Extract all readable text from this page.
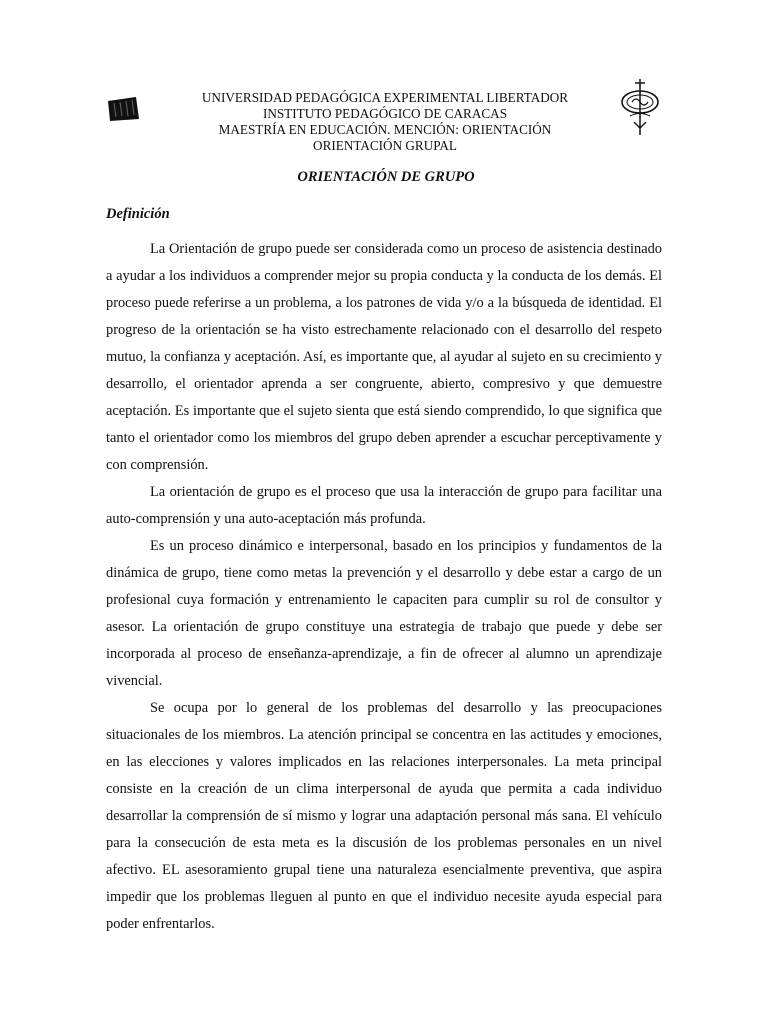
UNIVERSIDAD PEDAGÓGICA EXPERIMENTAL LIBERTADOR
INSTITUTO PEDAGÓGICO DE CARACAS
MAESTRÍA EN EDUCACIÓN. MENCIÓN: ORIENTACIÓN
ORIENTACIÓN GRUPAL
ORIENTACIÓN DE GRUPO
Definición

La Orientación de grupo puede ser considerada como un proceso de asistencia destinado a ayudar a los individuos a comprender mejor su propia conducta y la conducta de los demás. El proceso puede referirse a un problema, a los patrones de vida y/o a la búsqueda de identidad. El progreso de la orientación se ha visto estrechamente relacionado con el desarrollo del respeto mutuo, la confianza y aceptación. Así, es importante que, al ayudar al sujeto en su crecimiento y desarrollo, el orientador aprenda a ser congruente, abierto, compresivo y que demuestre aceptación. Es importante que el sujeto sienta que está siendo comprendido, lo que significa que tanto el orientador como los miembros del grupo deben aprender a escuchar perceptivamente y con comprensión.

La orientación de grupo es el proceso que usa la interacción de grupo para facilitar una auto-comprensión y una auto-aceptación más profunda.

Es un proceso dinámico e interpersonal, basado en los principios y fundamentos de la dinámica de grupo, tiene como metas la prevención y el desarrollo y debe estar a cargo de un profesional cuya formación y entrenamiento le capaciten para cumplir su rol de consultor y asesor. La orientación de grupo constituye una estrategia de trabajo que puede y debe ser incorporada al proceso de enseñanza-aprendizaje, a fin de ofrecer al alumno un aprendizaje vivencial.

Se ocupa por lo general de los problemas del desarrollo y las preocupaciones situacionales de los miembros. La atención principal se concentra en las actitudes y emociones, en las elecciones y valores implicados en las relaciones interpersonales. La meta principal consiste en la creación de un clima interpersonal de ayuda que permita a cada individuo desarrollar la comprensión de sí mismo y lograr una adaptación personal más sana. El vehículo para la consecución de esta meta es la discusión de los problemas personales en un nivel afectivo. EL asesoramiento grupal tiene una naturaleza esencialmente preventiva, que aspira impedir que los problemas lleguen al punto en que el individuo necesite ayuda especial para poder enfrentarlos.
